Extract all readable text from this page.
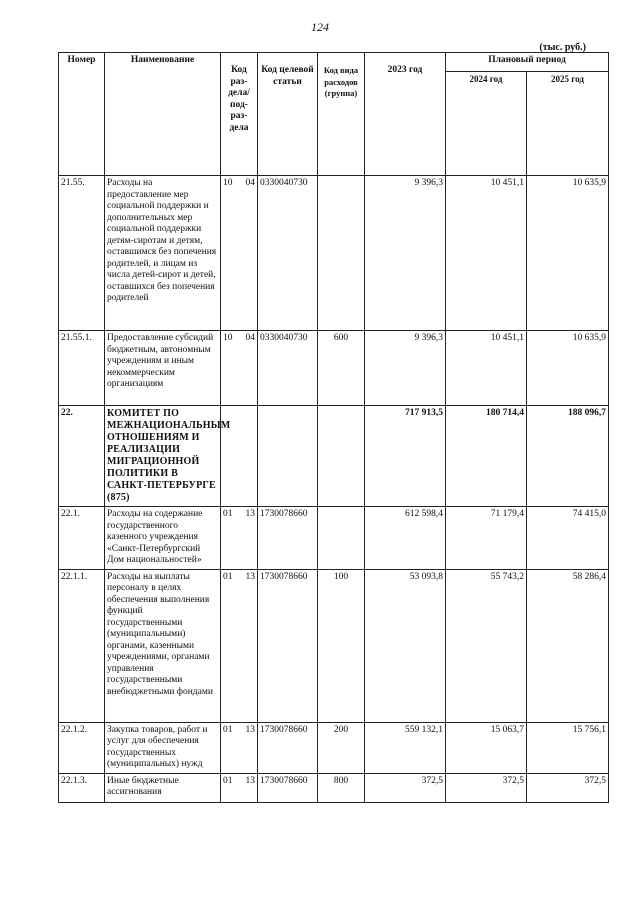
124
(тыс. руб.)
Номер	Наименование	Код раз- дела/ под- раз- дела	Код целевой статьи	Код вида расходов (группа)	2023 год	Плановый период	
						2024 год	2025 год
21.55.	Расходы на предоставление мер социальной поддержки и дополнительных мер социальной поддержки детям-сиротам и детям, оставшимся без попечения родителей, и лицам из числа детей-сирот и детей, оставшихся без попечения родителей	10 04	0330040730		9 396,3	10 451,1	10 635,9
21.55.1.	Предоставление субсидий бюджетным, автономным учреждениям и иным некоммерческим организациям	10 04	0330040730	600	9 396,3	10 451,1	10 635,9
22.	КОМИТЕТ ПО МЕЖНАЦИОНАЛЬНЫМ ОТНОШЕНИЯМ И РЕАЛИЗАЦИИ МИГРАЦИОННОЙ ПОЛИТИКИ В САНКТ-ПЕТЕРБУРГЕ (875)				717 913,5	180 714,4	188 096,7
22.1.	Расходы на содержание государственного казенного учреждения «Санкт-Петербургский Дом национальностей»	01 13	1730078660		612 598,4	71 179,4	74 415,0
22.1.1.	Расходы на выплаты персоналу в целях обеспечения выполнения функций государственными (муниципальными) органами, казенными учреждениями, органами управления государственными внебюджетными фондами	01 13	1730078660	100	53 093,8	55 743,2	58 286,4
22.1.2.	Закупка товаров, работ и услуг для обеспечения государственных (муниципальных) нужд	01 13	1730078660	200	559 132,1	15 063,7	15 756,1
22.1.3.	Иные бюджетные ассигнования	01 13	1730078660	800	372,5	372,5	372,5
